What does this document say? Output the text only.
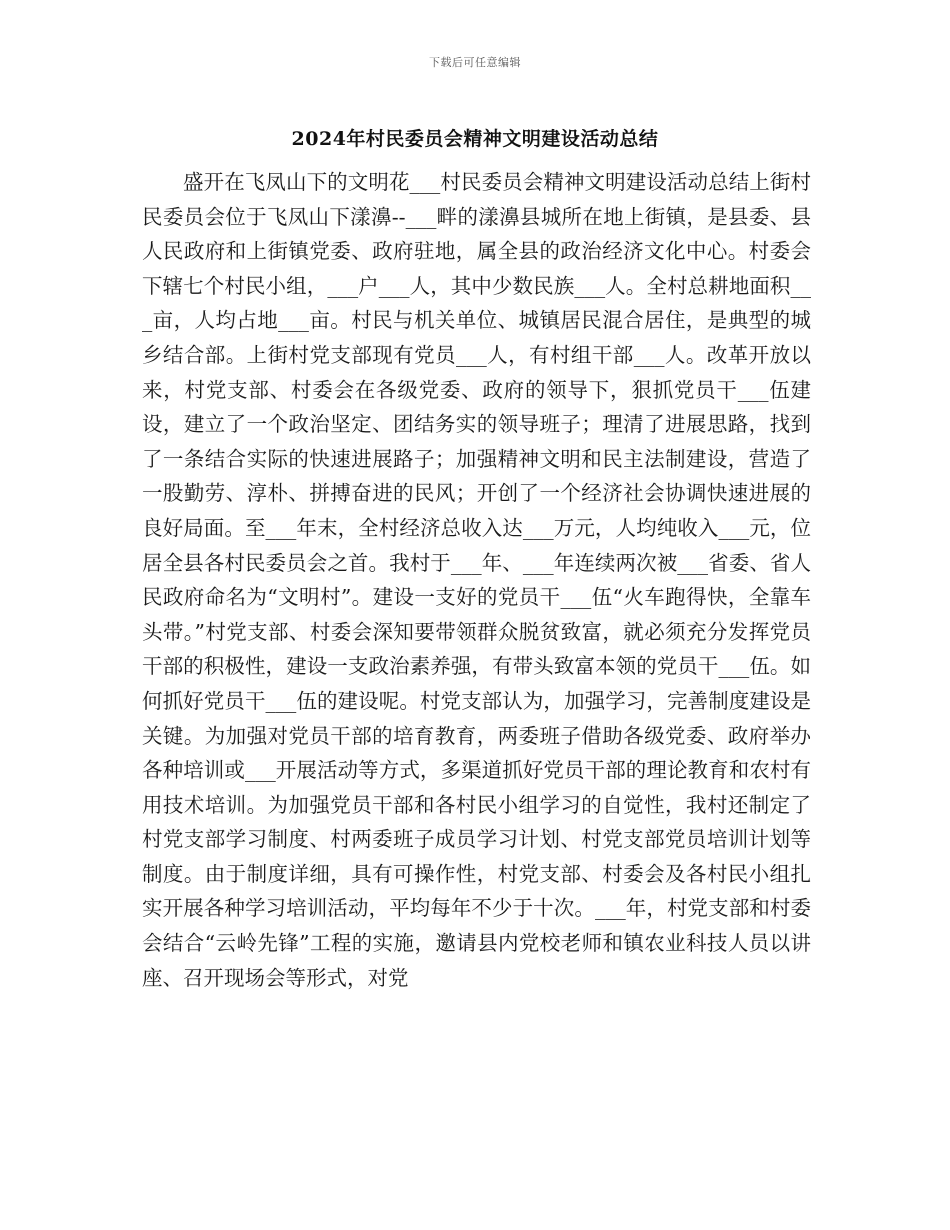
下载后可任意编辑
2024年村民委员会精神文明建设活动总结

盛开在飞凤山下的文明花___村民委员会精神文明建设活动总结上街村民委员会位于飞凤山下漾濞--___畔的漾濞县城所在地上街镇，是县委、县人民政府和上街镇党委、政府驻地，属全县的政治经济文化中心。村委会下辖七个村民小组，___户___人，其中少数民族___人。全村总耕地面积___亩，人均占地___亩。村民与机关单位、城镇居民混合居住，是典型的城乡结合部。上街村党支部现有党员___人，有村组干部___人。改革开放以来，村党支部、村委会在各级党委、政府的领导下，狠抓党员干___伍建设，建立了一个政治坚定、团结务实的领导班子；理清了进展思路，找到了一条结合实际的快速进展路子；加强精神文明和民主法制建设，营造了一股勤劳、淳朴、拼搏奋进的民风；开创了一个经济社会协调快速进展的良好局面。至___年末，全村经济总收入达___万元，人均纯收入___元，位居全县各村民委员会之首。我村于___年、___年连续两次被___省委、省人民政府命名为“文明村”。建设一支好的党员干___伍“火车跑得快，全靠车头带。”村党支部、村委会深知要带领群众脱贫致富，就必须充分发挥党员干部的积极性，建设一支政治素养强，有带头致富本领的党员干___伍。如何抓好党员干___伍的建设呢。村党支部认为，加强学习，完善制度建设是关键。为加强对党员干部的培育教育，两委班子借助各级党委、政府举办各种培训或___开展活动等方式，多渠道抓好党员干部的理论教育和农村有用技术培训。为加强党员干部和各村民小组学习的自觉性，我村还制定了村党支部学习制度、村两委班子成员学习计划、村党支部党员培训计划等制度。由于制度详细，具有可操作性，村党支部、村委会及各村民小组扎实开展各种学习培训活动，平均每年不少于十次。___年，村党支部和村委会结合“云岭先锋”工程的实施，邀请县内党校老师和镇农业科技人员以讲座、召开现场会等形式，对党
